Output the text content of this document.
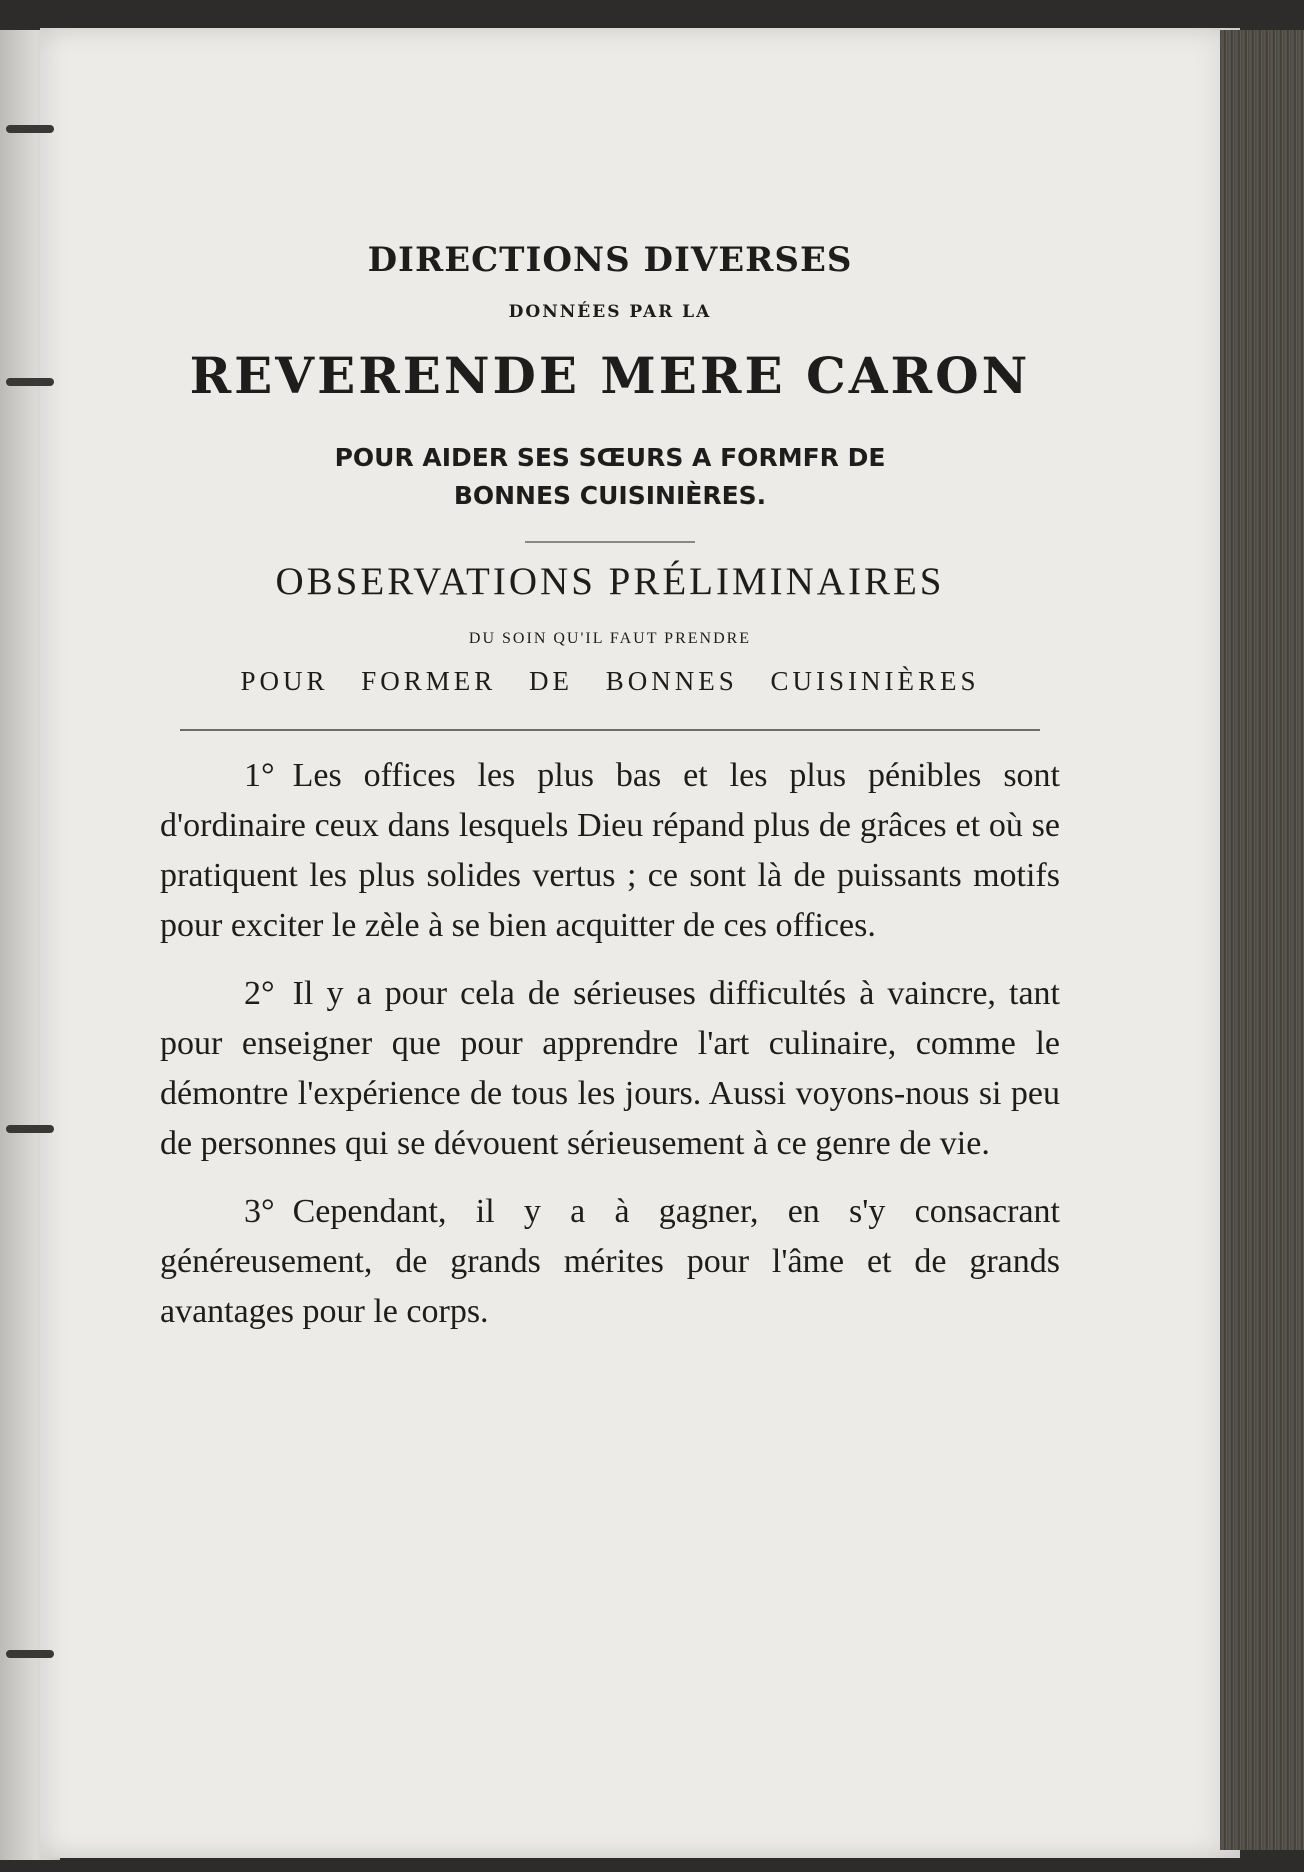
DIRECTIONS DIVERSES
DONNÉES PAR LA
REVERENDE MERE CARON
POUR AIDER SES SŒURS A FORMFR DE
BONNES CUISINIÈRES.
OBSERVATIONS PRÉLIMINAIRES
DU SOIN QU'IL FAUT PRENDRE
POUR FORMER DE BONNES CUISINIÈRES

1° Les offices les plus bas et les plus pénibles sont d'ordinaire ceux dans lesquels Dieu répand plus de grâces et où se pratiquent les plus solides vertus ; ce sont là de puissants motifs pour exciter le zèle à se bien acquitter de ces offices.

2° Il y a pour cela de sérieuses difficultés à vaincre, tant pour enseigner que pour apprendre l'art culinaire, comme le démontre l'expérience de tous les jours. Aussi voyons-nous si peu de personnes qui se dévouent sérieusement à ce genre de vie.

3° Cependant, il y a à gagner, en s'y consacrant généreusement, de grands mérites pour l'âme et de grands avantages pour le corps.
